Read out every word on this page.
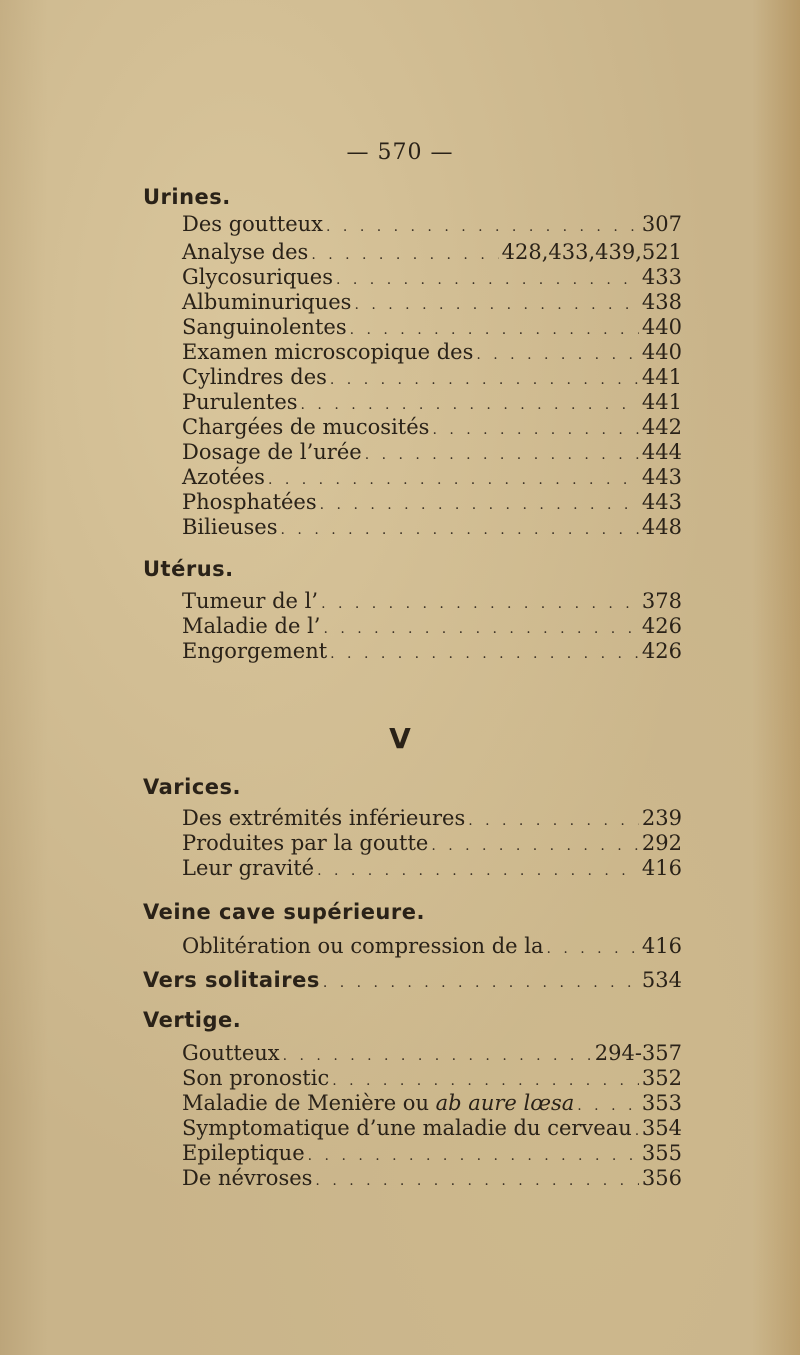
— 570 —
Urines.
Des goutteux . . .	307
Analyse des . . .	428,433,439,521
Glycosuriques . . .	433
Albuminuriques . . .	438
Sanguinolentes . . .	440
Examen microscopique des . . .	440
Cylindres des . . .	441
Purulentes . . .	441
Chargées de mucosités . . .	442
Dosage de l’urée . . .	444
Azotées . . .	443
Phosphatées . . .	443
Bilieuses . . .	448
Utérus.
Tumeur de l’ . . .	378
Maladie de l’ . . .	426
Engorgement . . .	426
V
Varices.
Des extrémités inférieures . . .	239
Produites par la goutte . . .	292
Leur gravité . . .	416
Veine cave supérieure.
Oblitération ou compression de la . . .	416
Vers solitaires . . .	534
Vertige.
Goutteux . . .	294-357
Son pronostic . . .	352
Maladie de Menière ou ab aure lœsa . . .	353
Symptomatique d’une maladie du cerveau . . . 354
Epileptique . . .	355
De névroses . . .	356
